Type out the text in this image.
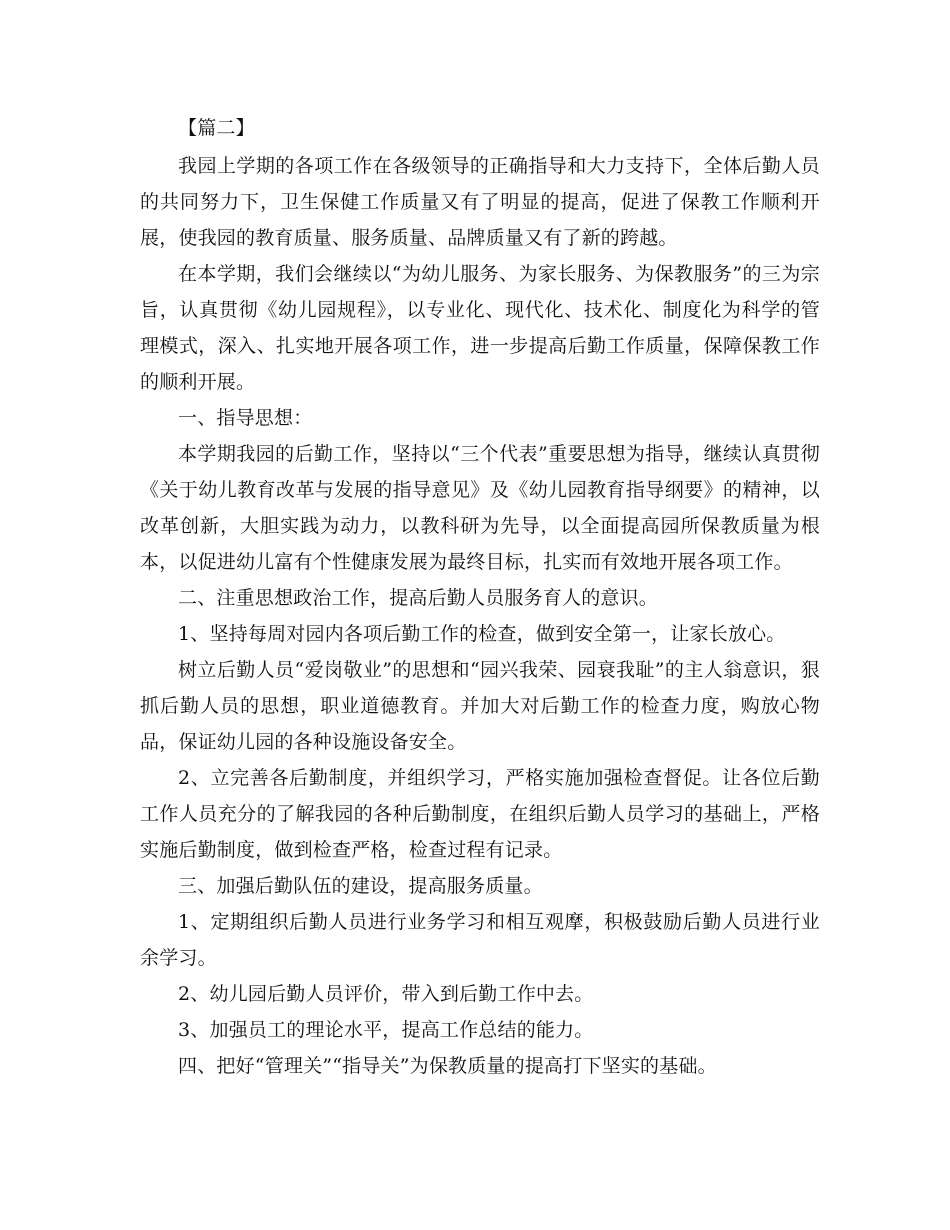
【篇二】

我园上学期的各项工作在各级领导的正确指导和大力支持下，全体后勤人员的共同努力下，卫生保健工作质量又有了明显的提高，促进了保教工作顺利开展，使我园的教育质量、服务质量、品牌质量又有了新的跨越。

在本学期，我们会继续以“为幼儿服务、为家长服务、为保教服务”的三为宗旨，认真贯彻《幼儿园规程》，以专业化、现代化、技术化、制度化为科学的管理模式，深入、扎实地开展各项工作，进一步提高后勤工作质量，保障保教工作的顺利开展。

一、指导思想：

本学期我园的后勤工作，坚持以“三个代表”重要思想为指导，继续认真贯彻《关于幼儿教育改革与发展的指导意见》及《幼儿园教育指导纲要》的精神，以改革创新，大胆实践为动力，以教科研为先导，以全面提高园所保教质量为根本，以促进幼儿富有个性健康发展为最终目标，扎实而有效地开展各项工作。

二、注重思想政治工作，提高后勤人员服务育人的意识。

1、坚持每周对园内各项后勤工作的检查，做到安全第一，让家长放心。

树立后勤人员“爱岗敬业”的思想和“园兴我荣、园衰我耻”的主人翁意识，狠抓后勤人员的思想，职业道德教育。并加大对后勤工作的检查力度，购放心物品，保证幼儿园的各种设施设备安全。

2、立完善各后勤制度，并组织学习，严格实施加强检查督促。让各位后勤工作人员充分的了解我园的各种后勤制度，在组织后勤人员学习的基础上，严格实施后勤制度，做到检查严格，检查过程有记录。

三、加强后勤队伍的建设，提高服务质量。

1、定期组织后勤人员进行业务学习和相互观摩，积极鼓励后勤人员进行业余学习。

2、幼儿园后勤人员评价，带入到后勤工作中去。

3、加强员工的理论水平，提高工作总结的能力。

四、把好“管理关”“指导关”为保教质量的提高打下坚实的基础。
